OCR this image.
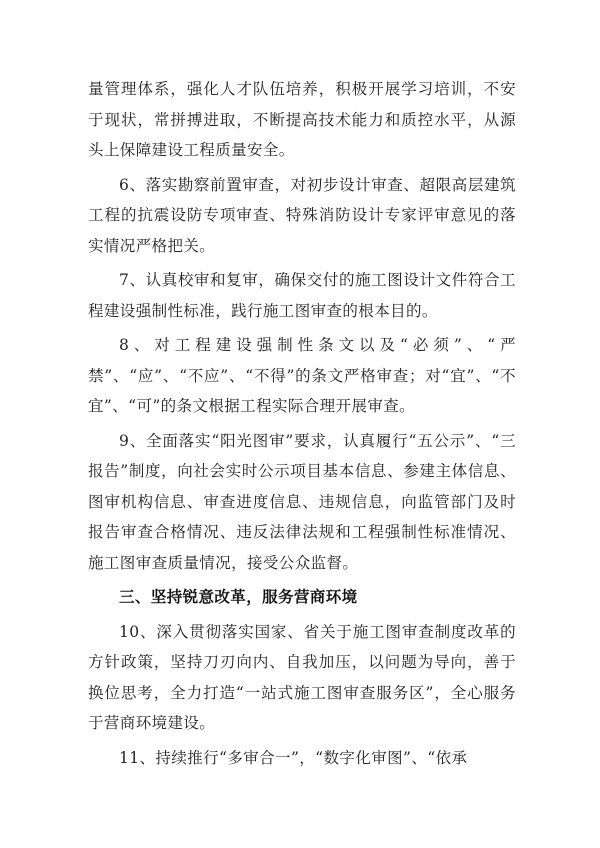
量管理体系，强化人才队伍培养，积极开展学习培训，不安于现状，常拼搏进取，不断提高技术能力和质控水平，从源头上保障建设工程质量安全。

6、落实勘察前置审查，对初步设计审查、超限高层建筑工程的抗震设防专项审查、特殊消防设计专家评审意见的落实情况严格把关。

7、认真校审和复审，确保交付的施工图设计文件符合工程建设强制性标准，践行施工图审查的根本目的。

8、对工程建设强制性条文以及“必须”、“严禁”、“应”、“不应”、“不得”的条文严格审查；对“宜”、“不宜”、“可”的条文根据工程实际合理开展审查。

9、全面落实“阳光图审”要求，认真履行“五公示”、“三报告”制度，向社会实时公示项目基本信息、参建主体信息、图审机构信息、审查进度信息、违规信息，向监管部门及时报告审查合格情况、违反法律法规和工程强制性标准情况、施工图审查质量情况，接受公众监督。

三、坚持锐意改革，服务营商环境

10、深入贯彻落实国家、省关于施工图审查制度改革的方针政策，坚持刀刃向内、自我加压，以问题为导向，善于换位思考，全力打造“一站式施工图审查服务区”，全心服务于营商环境建设。

11、持续推行“多审合一”，“数字化审图”、“依承
